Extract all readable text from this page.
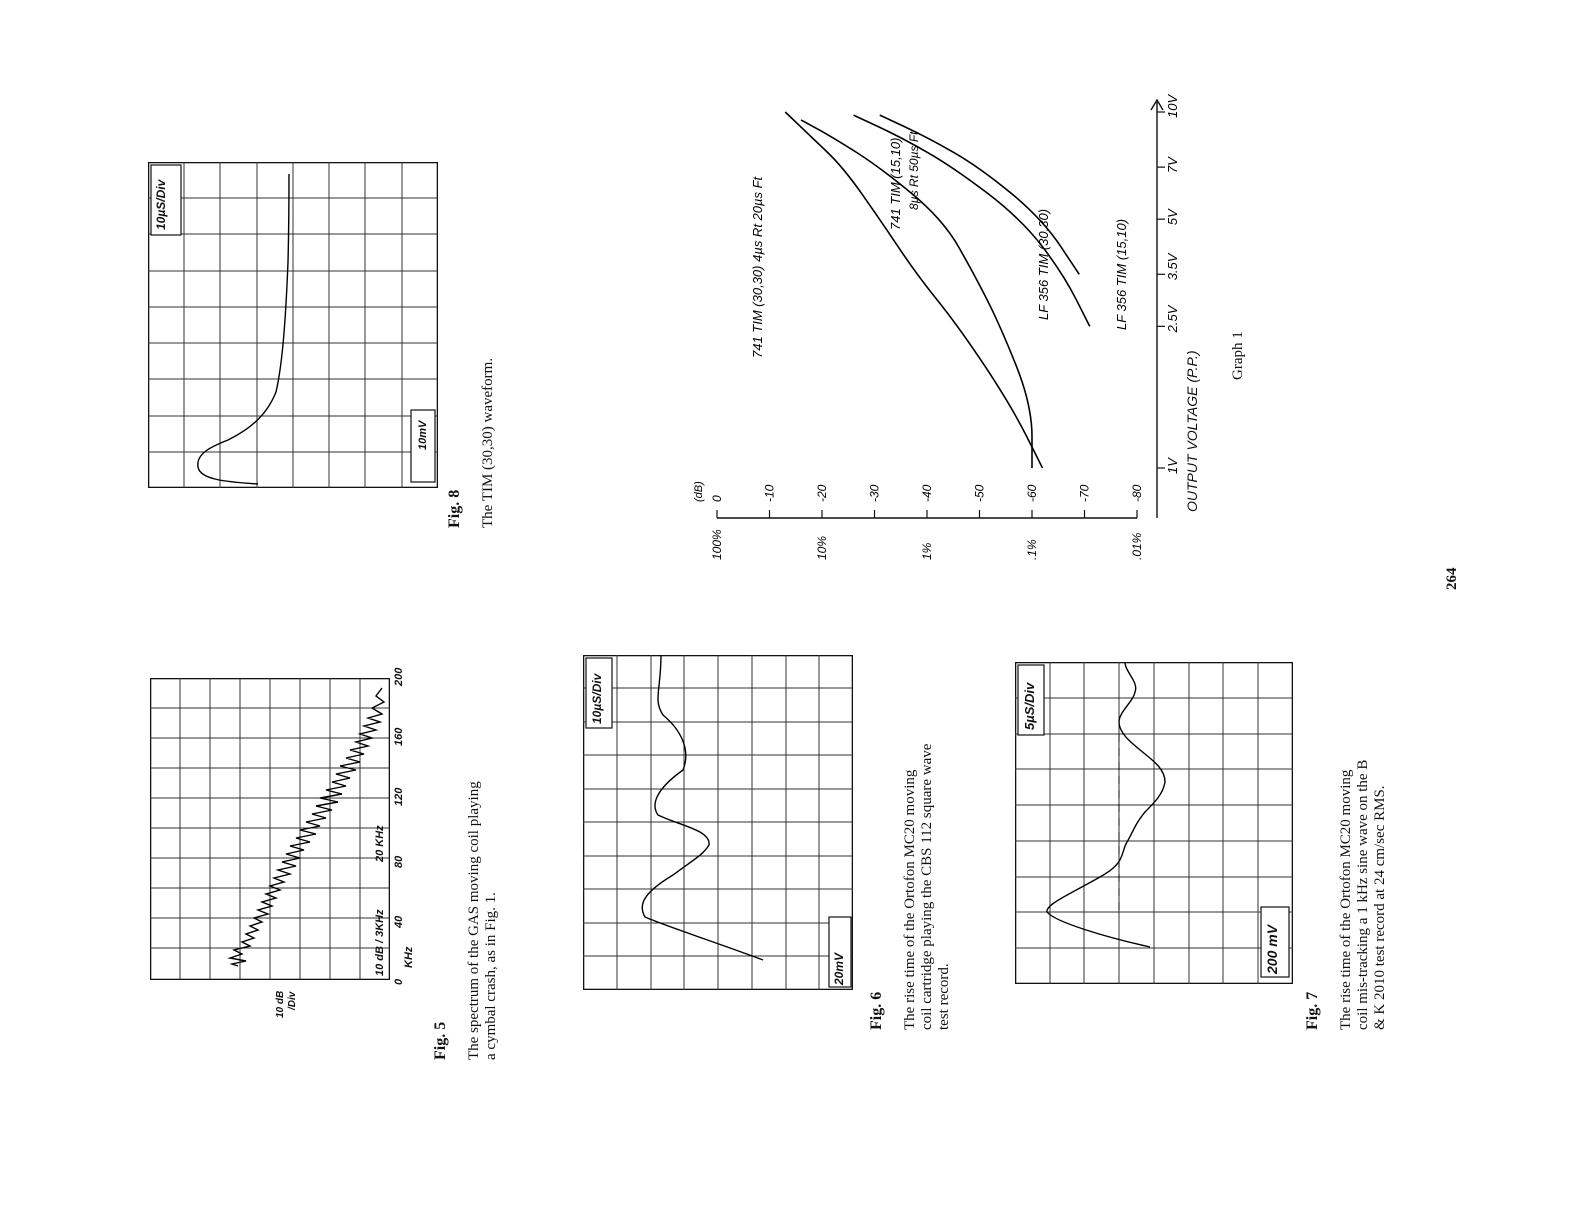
0
40
80
120
160
200
KHz
10 dB / 3KHz
20 KHz
10 dB /Div
Fig. 5 The spectrum of the GAS moving coil playing a cymbal crash, as in Fig. 1.	20mV
10µS/Div
Fig. 6 The rise time of the Ortofon MC20 moving coil cartridge playing the CBS 112 square wave test record.
200 mV
5µS/Div
Fig. 7 The rise time of the Ortofon MC20 moving coil mis-tracking a 1 kHz sine wave on the B & K 2010 test record at 24 cm/sec RMS.
10mV
10µS/Div
Fig. 8 The TIM (30,30) waveform.	0	-10	-20	-30	-40	-50	-60	-70	-80
100%	10%	1%	.1%	.01%
(dB)
1V
2.5V
3.5V
5V
7V
10V
741 TIM (30,30) 4µs Rt 20µs Ft	741 TIM (15,10) 8µs Rt 50µs Ft
LF 356 TIM (30,30)	LF 356 TIM (15,10)
Graph 1
OUTPUT VOLTAGE (P.P.)
264
